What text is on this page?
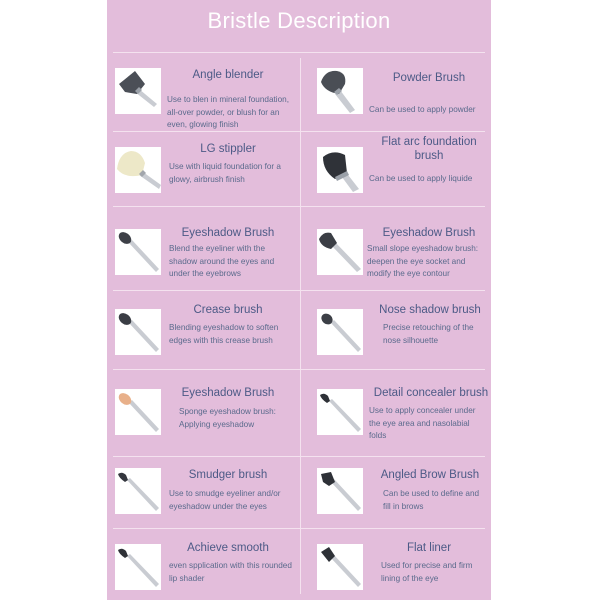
Bristle Description
Angle blender
Use to blen in mineral foundation, all-over powder, or blush for an even, glowing finish
Powder Brush
Can be used to apply powder
LG stippler
Use with liquid foundation for a glowy, airbrush finish
Flat arc foundation brush
Can be used to apply liquide
Eyeshadow Brush
Blend the eyeliner with the shadow around the eyes and under the eyebrows
Eyeshadow Brush
Small slope eyeshadow brush: deepen the eye socket and modify the eye contour
Crease brush
Blending eyeshadow to soften edges with this crease brush
Nose shadow brush
Precise retouching of the nose silhouette
Eyeshadow Brush
Sponge eyeshadow brush: Applying eyeshadow
Detail concealer brush
Use to apply concealer under the eye area and nasolabial folds
Smudger brush
Use to smudge eyeliner and/or eyeshadow under the eyes
Angled Brow Brush
Can be used to define and fill in brows
Achieve smooth
even spplication with this rounded lip shader
Flat liner
Used for precise and firm lining of the eye
